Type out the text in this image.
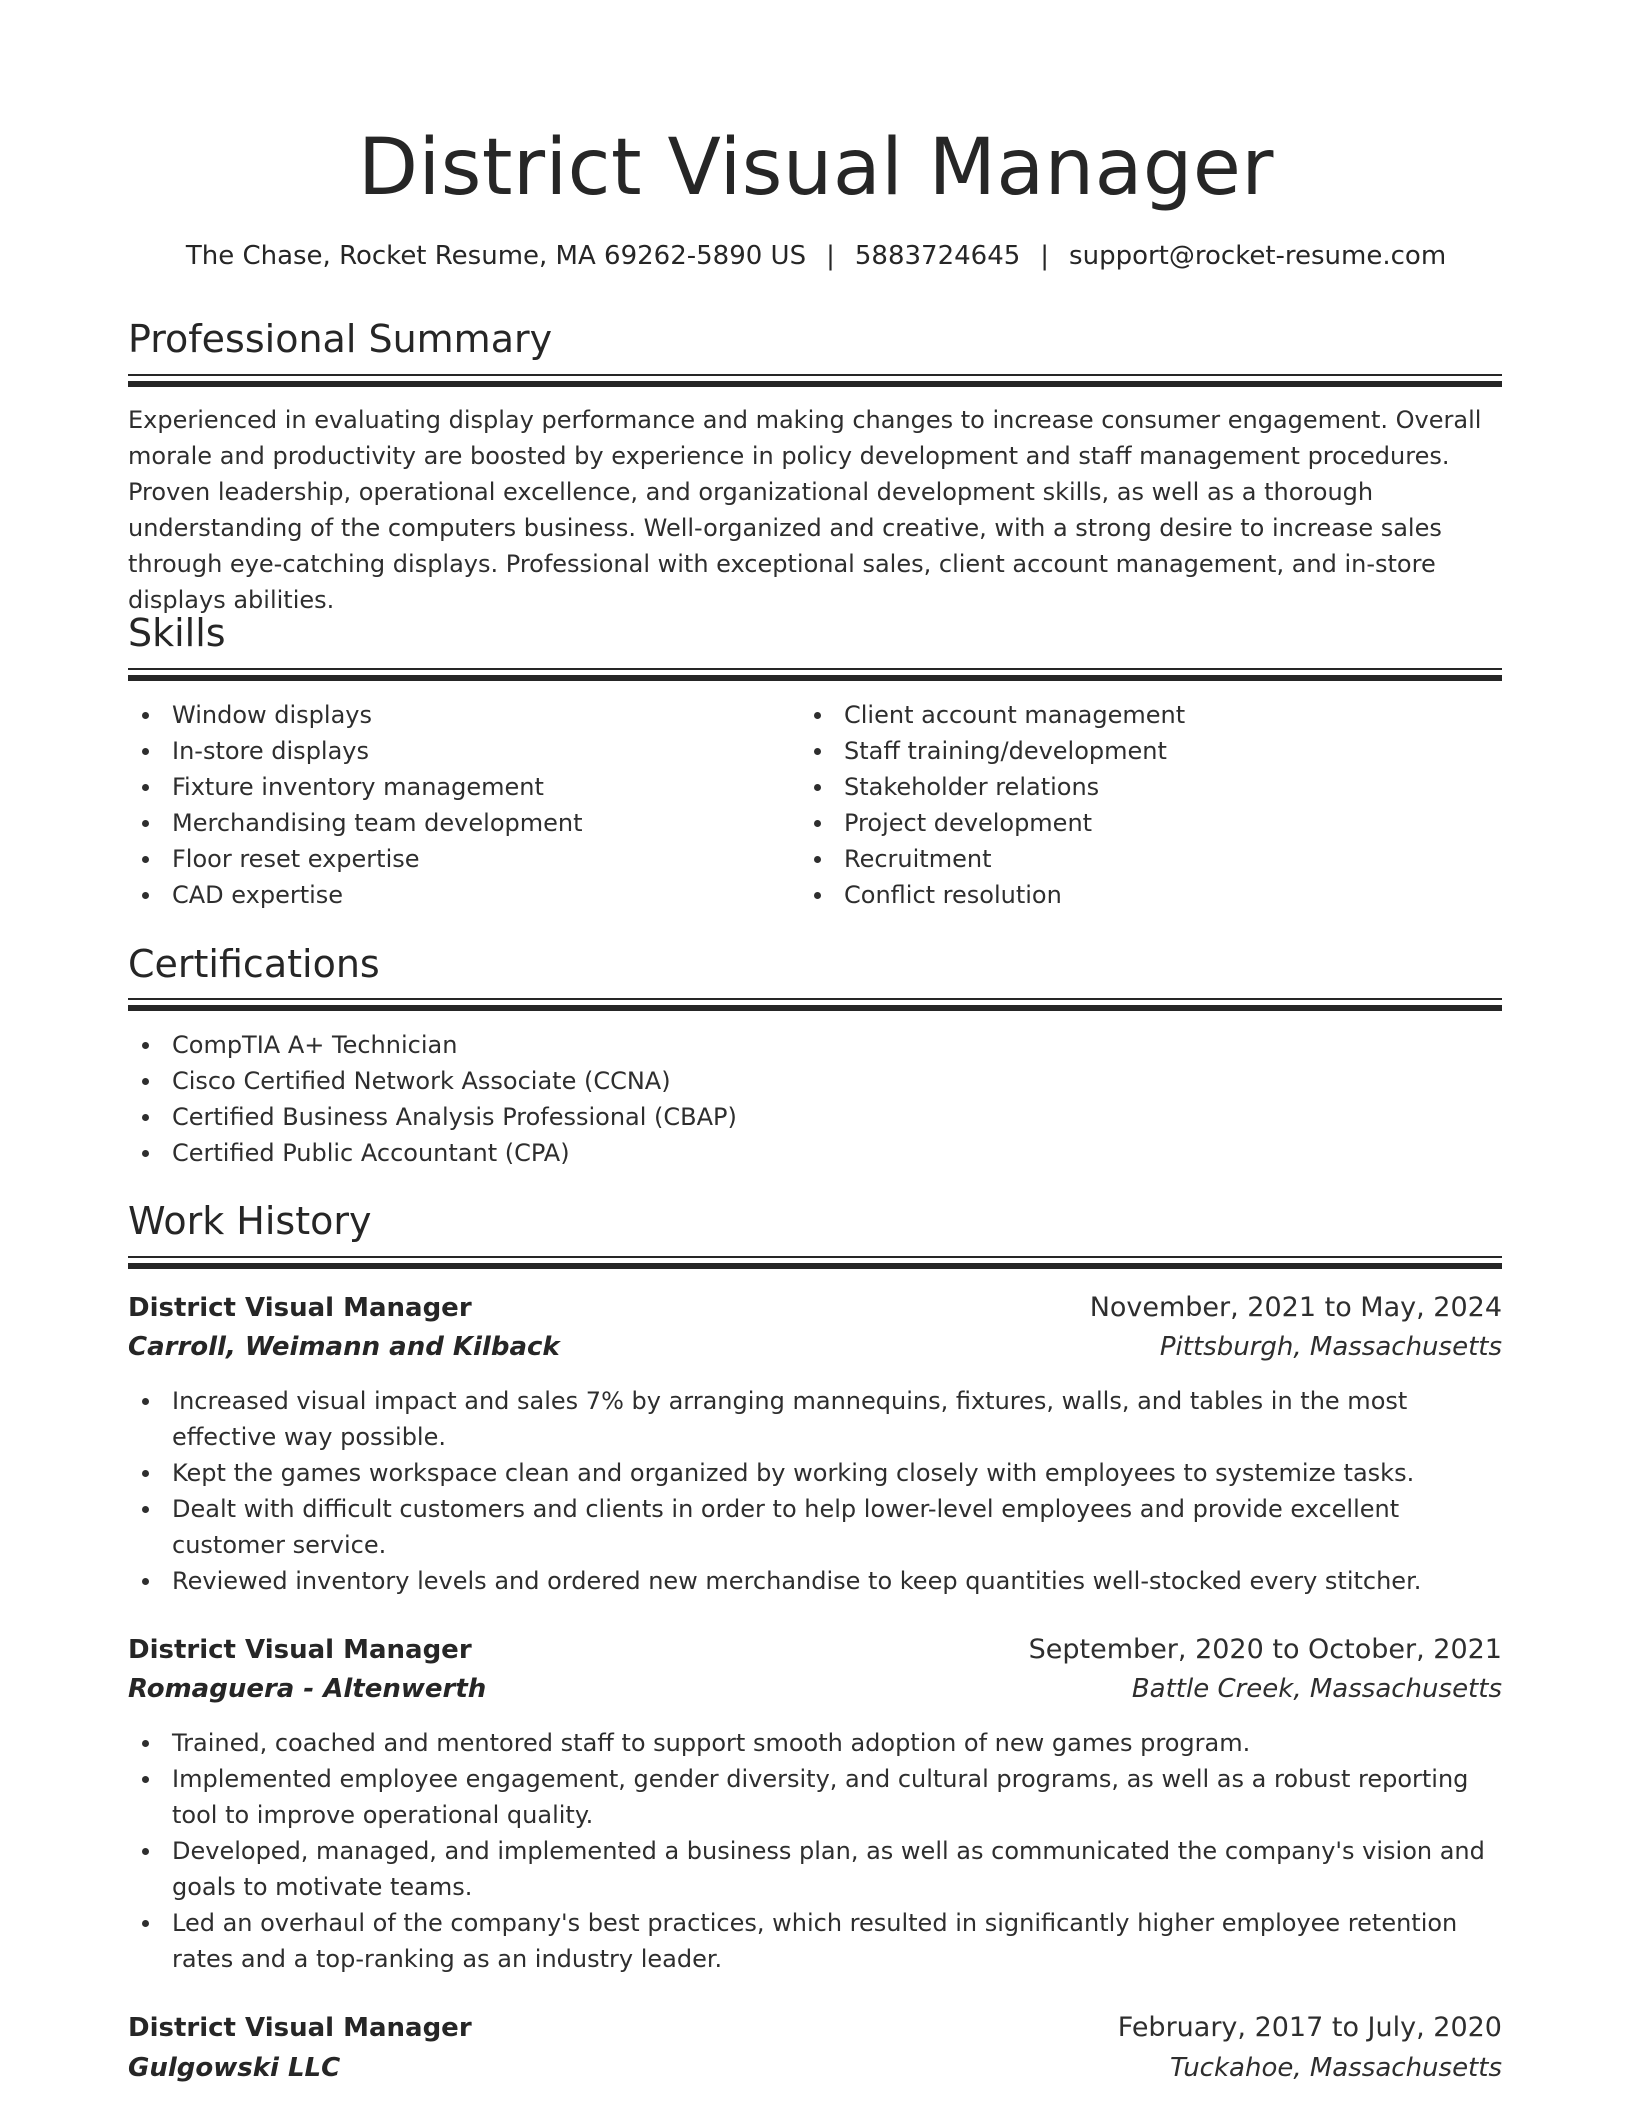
District Visual Manager
The Chase, Rocket Resume, MA 69262-5890 US | 5883724645 | support@rocket-resume.com
Professional Summary
Experienced in evaluating display performance and making changes to increase consumer engagement. Overall morale and productivity are boosted by experience in policy development and staff management procedures. Proven leadership, operational excellence, and organizational development skills, as well as a thorough understanding of the computers business. Well-organized and creative, with a strong desire to increase sales through eye-catching displays. Professional with exceptional sales, client account management, and in-store displays abilities.
Skills
Window displays
In-store displays
Fixture inventory management
Merchandising team development
Floor reset expertise
CAD expertise
Client account management
Staff training/development
Stakeholder relations
Project development
Recruitment
Conflict resolution
Certifications
CompTIA A+ Technician
Cisco Certified Network Associate (CCNA)
Certified Business Analysis Professional (CBAP)
Certified Public Accountant (CPA)
Work History
District Visual Manager	November, 2021 to May, 2024
Carroll, Weimann and Kilback	Pittsburgh, Massachusetts
Increased visual impact and sales 7% by arranging mannequins, fixtures, walls, and tables in the most effective way possible.
Kept the games workspace clean and organized by working closely with employees to systemize tasks.
Dealt with difficult customers and clients in order to help lower-level employees and provide excellent customer service.
Reviewed inventory levels and ordered new merchandise to keep quantities well-stocked every stitcher.
District Visual Manager	September, 2020 to October, 2021
Romaguera - Altenwerth	Battle Creek, Massachusetts
Trained, coached and mentored staff to support smooth adoption of new games program.
Implemented employee engagement, gender diversity, and cultural programs, as well as a robust reporting tool to improve operational quality.
Developed, managed, and implemented a business plan, as well as communicated the company's vision and goals to motivate teams.
Led an overhaul of the company's best practices, which resulted in significantly higher employee retention rates and a top-ranking as an industry leader.
District Visual Manager	February, 2017 to July, 2020
Gulgowski LLC	Tuckahoe, Massachusetts
